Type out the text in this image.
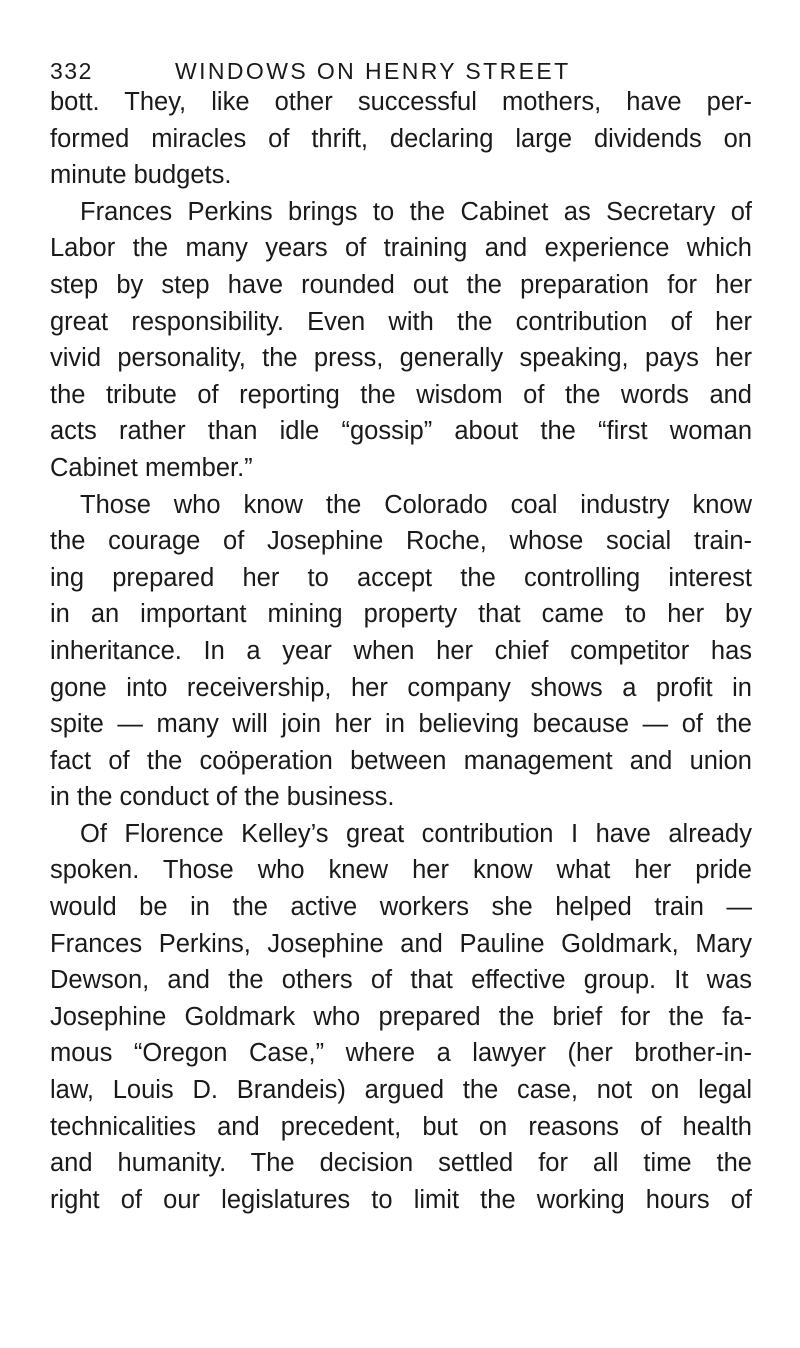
332	WINDOWS ON HENRY STREET
bott. They, like other successful mothers, have per-
formed miracles of thrift, declaring large dividends on
minute budgets.
Frances Perkins brings to the Cabinet as Secretary of
Labor the many years of training and experience which
step by step have rounded out the preparation for her
great responsibility. Even with the contribution of her
vivid personality, the press, generally speaking, pays her
the tribute of reporting the wisdom of the words and
acts rather than idle “gossip” about the “first woman
Cabinet member.”
Those who know the Colorado coal industry know
the courage of Josephine Roche, whose social train-
ing prepared her to accept the controlling interest
in an important mining property that came to her by
inheritance. In a year when her chief competitor has
gone into receivership, her company shows a profit in
spite — many will join her in believing because — of the
fact of the coöperation between management and union
in the conduct of the business.
Of Florence Kelley’s great contribution I have already
spoken. Those who knew her know what her pride
would be in the active workers she helped train —
Frances Perkins, Josephine and Pauline Goldmark, Mary
Dewson, and the others of that effective group. It was
Josephine Goldmark who prepared the brief for the fa-
mous “Oregon Case,” where a lawyer (her brother-in-
law, Louis D. Brandeis) argued the case, not on legal
technicalities and precedent, but on reasons of health
and humanity. The decision settled for all time the
right of our legislatures to limit the working hours of
